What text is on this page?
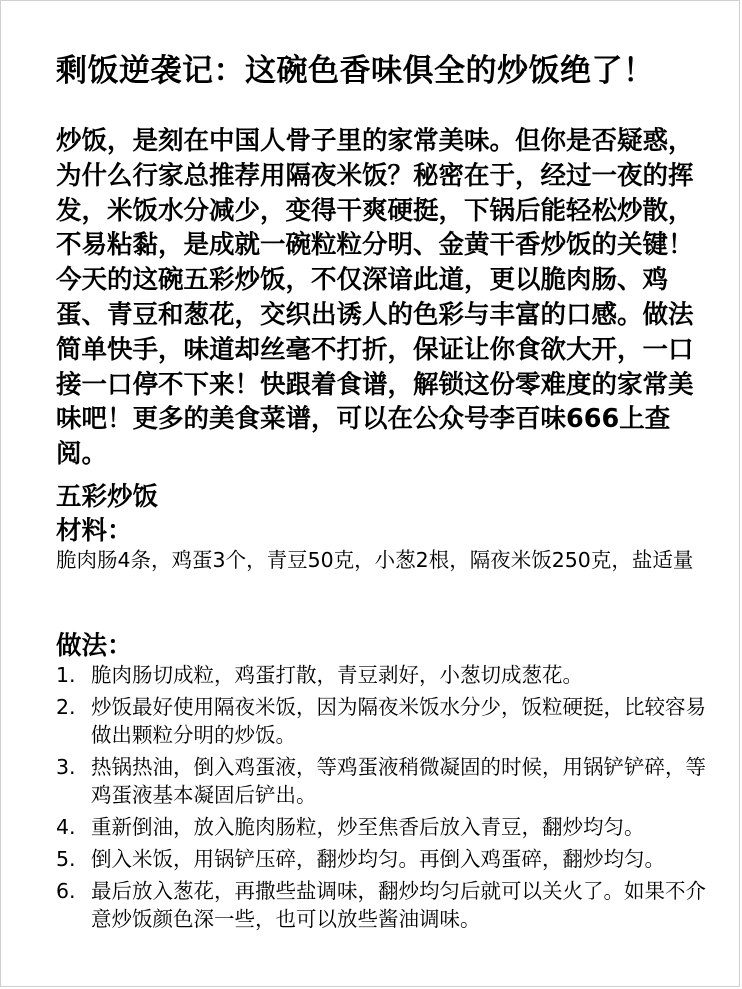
剩饭逆袭记：这碗色香味俱全的炒饭绝了！
炒饭，是刻在中国人骨子里的家常美味。但你是否疑惑，为什么行家总推荐用隔夜米饭？秘密在于，经过一夜的挥发，米饭水分减少，变得干爽硬挺，下锅后能轻松炒散，不易粘黏，是成就一碗粒粒分明、金黄干香炒饭的关键！今天的这碗五彩炒饭，不仅深谙此道，更以脆肉肠、鸡蛋、青豆和葱花，交织出诱人的色彩与丰富的口感。做法简单快手，味道却丝毫不打折，保证让你食欲大开，一口接一口停不下来！快跟着食谱，解锁这份零难度的家常美味吧！更多的美食菜谱，可以在公众号李百味666上查阅。
五彩炒饭
材料：
脆肉肠4条，鸡蛋3个，青豆50克，小葱2根，隔夜米饭250克，盐适量
做法：
1. 脆肉肠切成粒，鸡蛋打散，青豆剥好，小葱切成葱花。
2. 炒饭最好使用隔夜米饭，因为隔夜米饭水分少，饭粒硬挺，比较容易做出颗粒分明的炒饭。
3. 热锅热油，倒入鸡蛋液，等鸡蛋液稍微凝固的时候，用锅铲铲碎，等鸡蛋液基本凝固后铲出。
4. 重新倒油，放入脆肉肠粒，炒至焦香后放入青豆，翻炒均匀。
5. 倒入米饭，用锅铲压碎，翻炒均匀。再倒入鸡蛋碎，翻炒均匀。
6. 最后放入葱花，再撒些盐调味，翻炒均匀后就可以关火了。如果不介意炒饭颜色深一些，也可以放些酱油调味。
